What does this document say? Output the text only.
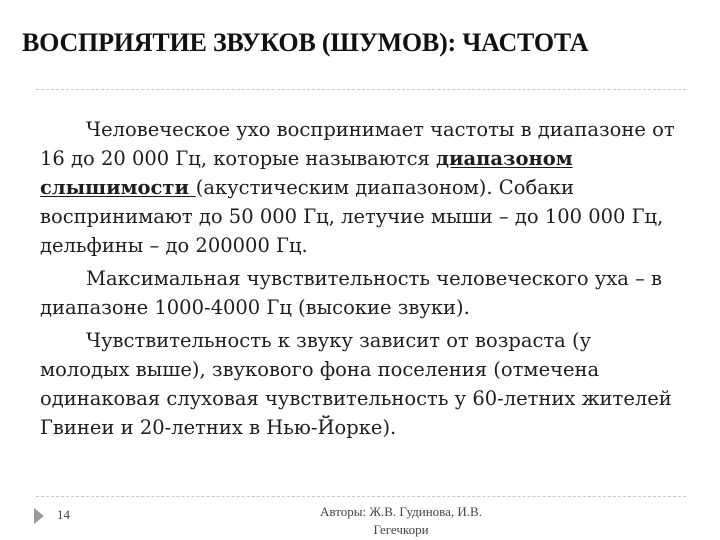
ВОСПРИЯТИЕ ЗВУКОВ (ШУМОВ): ЧАСТОТА

Человеческое ухо воспринимает частоты в диапазоне от 16 до 20 000 Гц, которые называются диапазоном слышимости (акустическим диапазоном). Собаки воспринимают до 50 000 Гц, летучие мыши – до 100 000 Гц, дельфины – до 200000 Гц.

Максимальная чувствительность человеческого уха – в диапазоне 1000-4000 Гц (высокие звуки).

Чувствительность к звуку зависит от возраста (у молодых выше), звукового фона поселения (отмечена одинаковая слуховая чувствительность у 60-летних жителей Гвинеи и 20-летних в Нью-Йорке).

14	Авторы: Ж.В. Гудинова, И.В. Гегечкори
